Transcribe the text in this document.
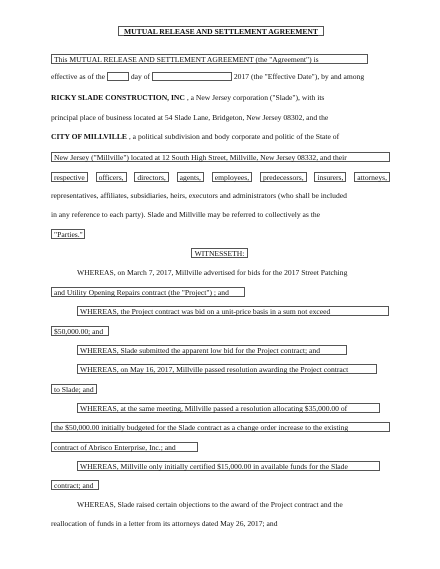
MUTUAL RELEASE AND SETTLEMENT AGREEMENT
This MUTUAL RELEASE AND SETTLEMENT AGREEMENT (the "Agreement") is
effective as of the	day of	2017 (the "Effective Date"), by and among
RICKY SLADE CONSTRUCTION, INC , a New Jersey corporation ("Slade"), with its
principal place of business located at 54 Slade Lane, Bridgeton, New Jersey 08302, and the
CITY OF MILLVILLE , a political subdivision and body corporate and politic of the State of
New Jersey ("Millville") located at 12 South High Street, Millville, New Jersey 08332, and their
respective	officers,	directors,	agents,	employees,	predecessors,	insurers,	attorneys,
representatives, affiliates, subsidiaries, heirs, executors and administrators (who shall be included
in any reference to each party). Slade and Millville may be referred to collectively as the
"Parties."
WITNESSETH:
WHEREAS, on March 7, 2017, Millville advertised for bids for the 2017 Street Patching
and Utility Opening Repairs contract (the "Project") ; and
WHEREAS, the Project contract was bid on a unit-price basis in a sum not exceed
$50,000.00; and
WHEREAS, Slade submitted the apparent low bid for the Project contract; and
WHEREAS, on May 16, 2017, Millville passed resolution awarding the Project contract
to Slade; and
WHEREAS, at the same meeting, Millville passed a resolution allocating $35,000.00 of
the $50,000.00 initially budgeted for the Slade contract as a change order increase to the existing
contract of Abrisco Enterprise, Inc.; and
WHEREAS, Millville only initially certified $15,000.00 in available funds for the Slade
contract; and
WHEREAS, Slade raised certain objections to the award of the Project contract and the
reallocation of funds in a letter from its attorneys dated May 26, 2017; and
